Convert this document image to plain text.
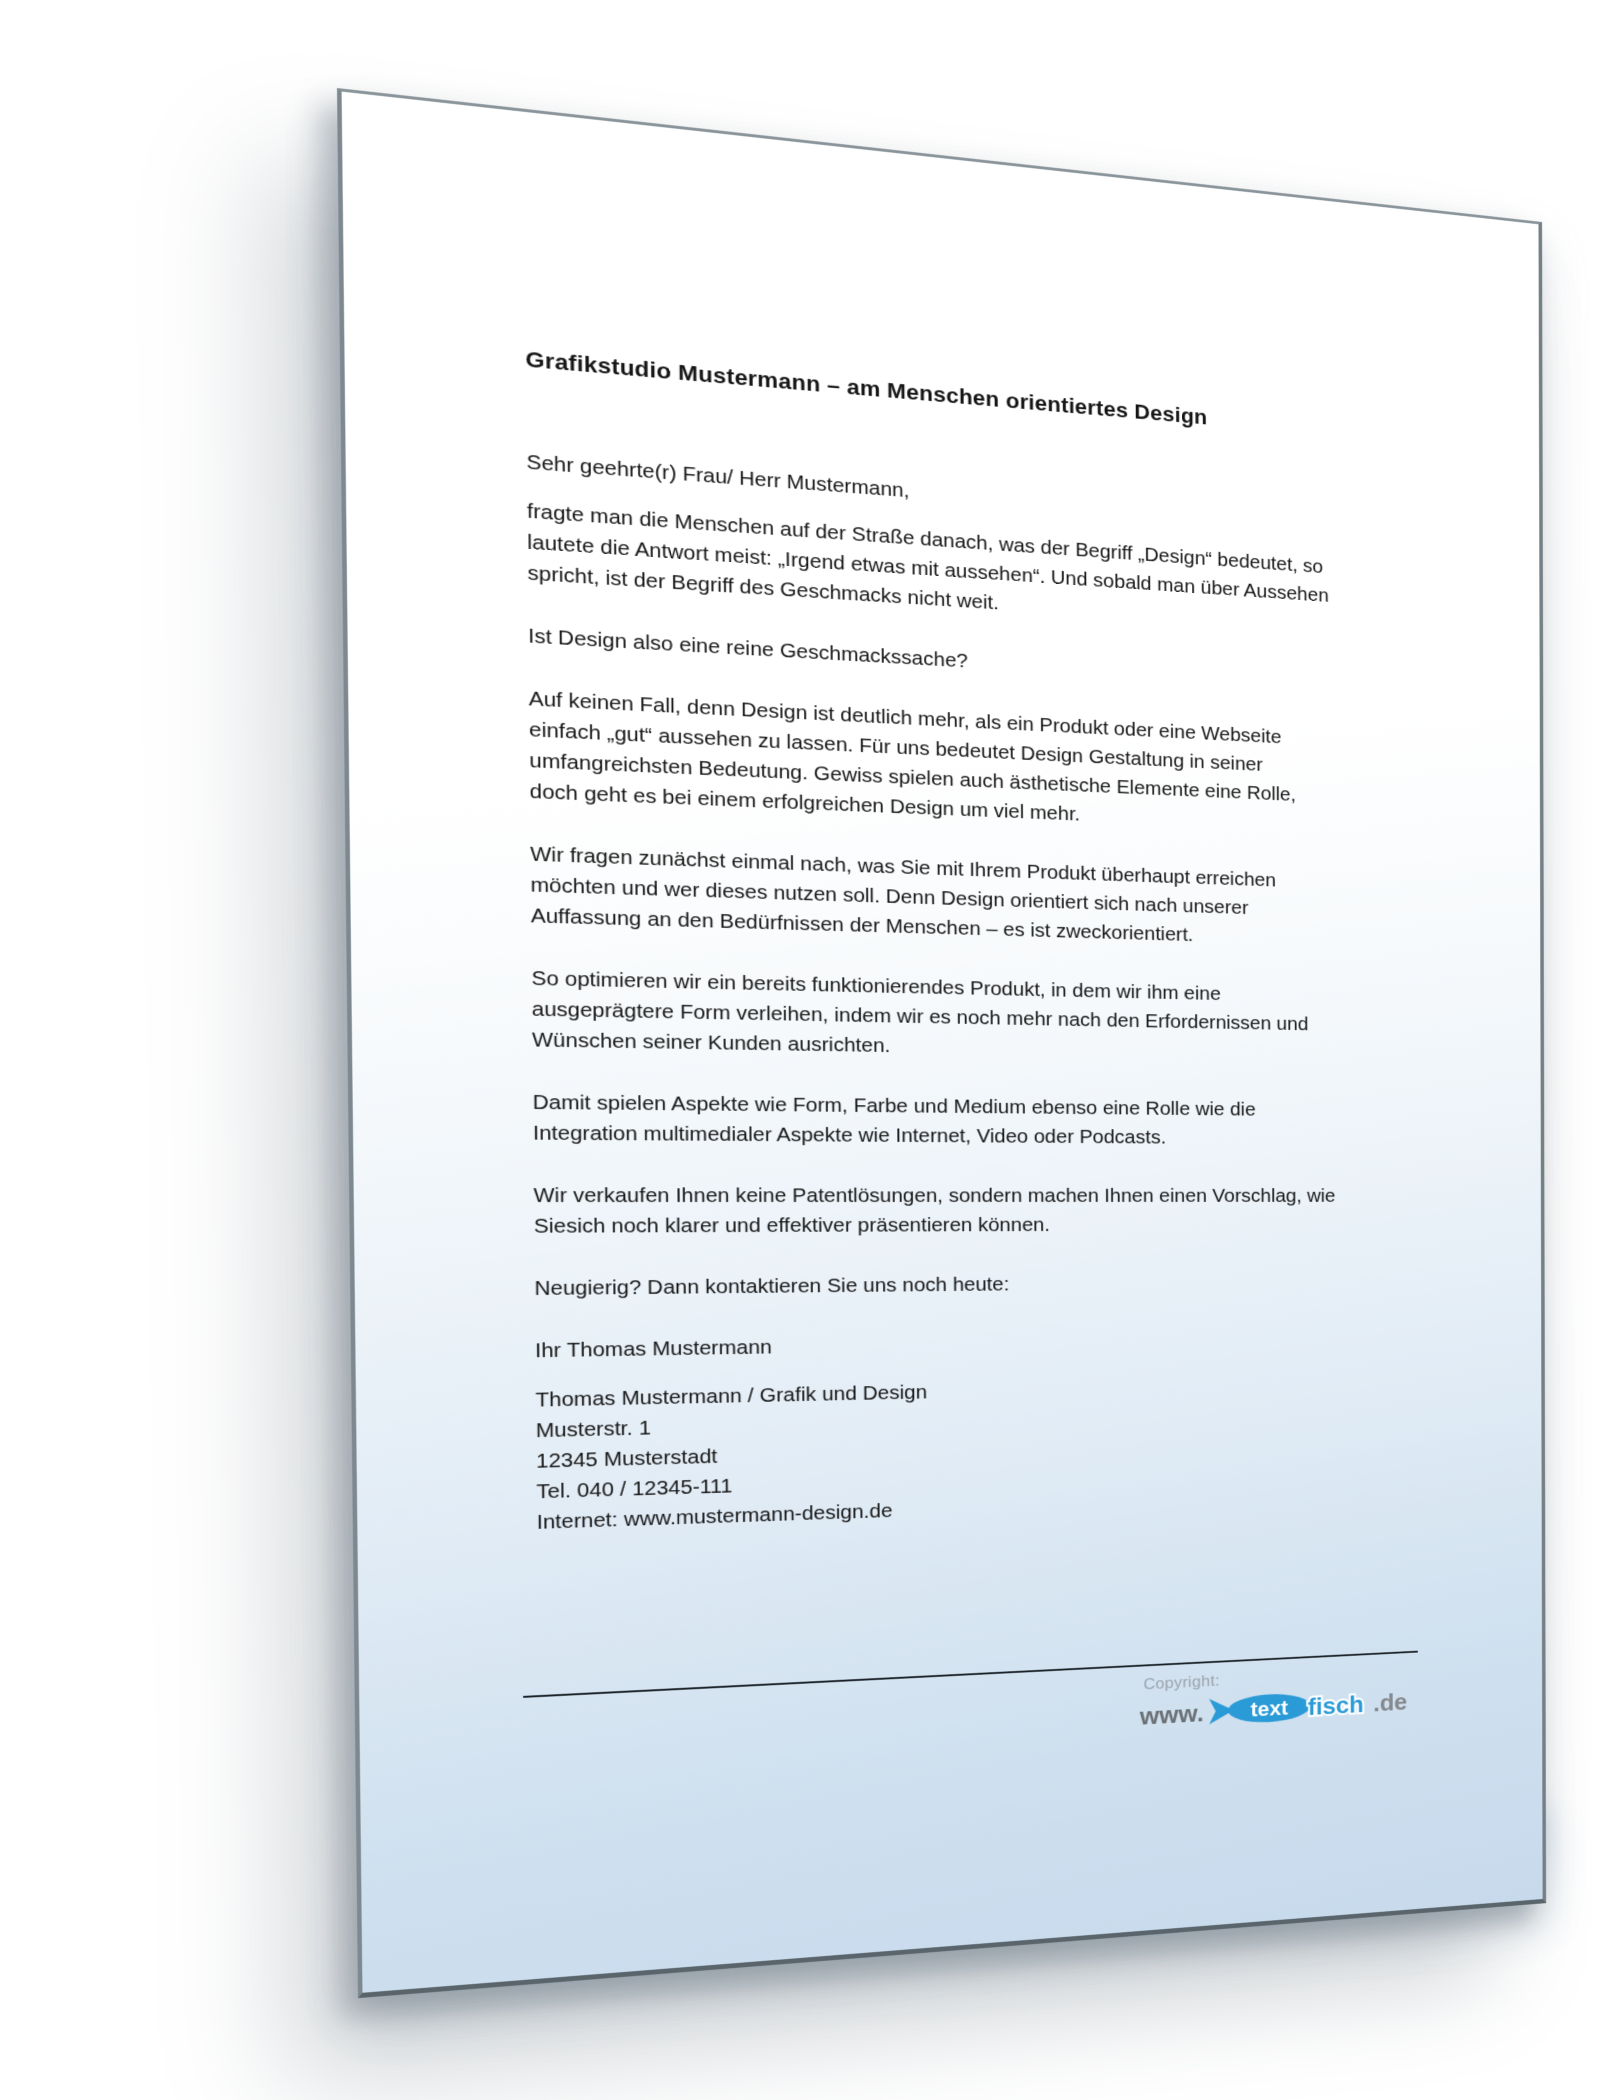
Grafikstudio Mustermann – am Menschen orientiertes Design

Sehr geehrte(r) Frau/ Herr Mustermann,

fragte man die Menschen auf der Straße danach, was der Begriff „Design“ bedeutet, so
lautete die Antwort meist: „Irgend etwas mit aussehen“. Und sobald man über Aussehen
spricht, ist der Begriff des Geschmacks nicht weit.

Ist Design also eine reine Geschmackssache?

Auf keinen Fall, denn Design ist deutlich mehr, als ein Produkt oder eine Webseite
einfach „gut“ aussehen zu lassen. Für uns bedeutet Design Gestaltung in seiner
umfangreichsten Bedeutung. Gewiss spielen auch ästhetische Elemente eine Rolle,
doch geht es bei einem erfolgreichen Design um viel mehr.

Wir fragen zunächst einmal nach, was Sie mit Ihrem Produkt überhaupt erreichen
möchten und wer dieses nutzen soll. Denn Design orientiert sich nach unserer
Auffassung an den Bedürfnissen der Menschen – es ist zweckorientiert.

So optimieren wir ein bereits funktionierendes Produkt, in dem wir ihm eine
ausgeprägtere Form verleihen, indem wir es noch mehr nach den Erfordernissen und
Wünschen seiner Kunden ausrichten.

Damit spielen Aspekte wie Form, Farbe und Medium ebenso eine Rolle wie die
Integration multimedialer Aspekte wie Internet, Video oder Podcasts.

Wir verkaufen Ihnen keine Patentlösungen, sondern machen Ihnen einen Vorschlag, wie
Siesich noch klarer und effektiver präsentieren können.

Neugierig? Dann kontaktieren Sie uns noch heute:

Ihr Thomas Mustermann

Thomas Mustermann / Grafik und Design
Musterstr. 1
12345 Musterstadt
Tel. 040 / 12345-111
Internet: www.mustermann-design.de

Copyright:
www. text fisch .de
